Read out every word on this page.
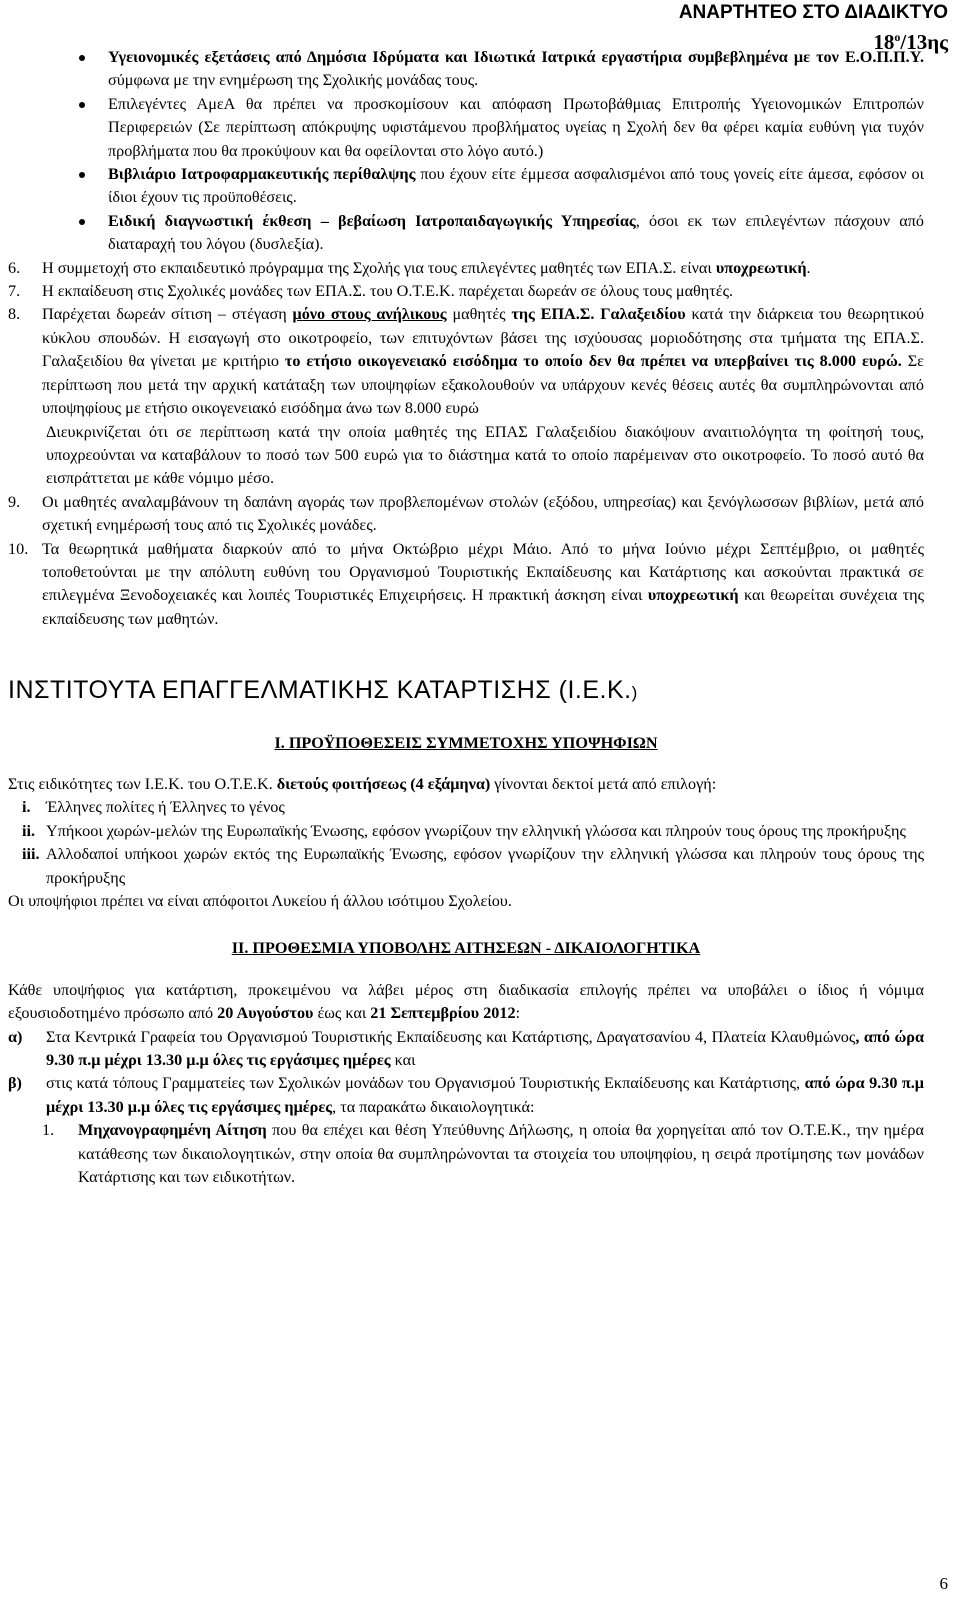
ΑΝΑΡΤΗΤΕΟ ΣΤΟ ΔΙΑΔΙΚΤΥΟ
$18^o/13\eta\varsigma$
Υγειονομικές εξετάσεις από Δημόσια Ιδρύματα και Ιδιωτικά Ιατρικά εργαστήρια συμβεβλημένα με τον Ε.Ο.Π.Π.Υ. σύμφωνα με την ενημέρωση της Σχολικής μονάδας τους.
Επιλεγέντες ΑμεΑ θα πρέπει να προσκομίσουν και απόφαση Πρωτοβάθμιας Επιτροπής Υγειονομικών Επιτροπών Περιφερειών (Σε περίπτωση απόκρυψης υφιστάμενου προβλήματος υγείας η Σχολή δεν θα φέρει καμία ευθύνη για τυχόν προβλήματα που θα προκύψουν και θα οφείλονται στο λόγο αυτό.)
Βιβλιάριο Ιατροφαρμακευτικής περίθαλψης που έχουν είτε έμμεσα ασφαλισμένοι από τους γονείς είτε άμεσα, εφόσον οι ίδιοι έχουν τις προϋποθέσεις.
Ειδική διαγνωστική έκθεση – βεβαίωση Ιατροπαιδαγωγικής Υπηρεσίας, όσοι εκ των επιλεγέντων πάσχουν από διαταραχή του λόγου (δυσλεξία).
6. Η συμμετοχή στο εκπαιδευτικό πρόγραμμα της Σχολής για τους επιλεγέντες μαθητές των ΕΠΑ.Σ. είναι υποχρεωτική.
7. Η εκπαίδευση στις Σχολικές μονάδες των ΕΠΑ.Σ. του Ο.Τ.Ε.Κ. παρέχεται δωρεάν σε όλους τους μαθητές.
8. Παρέχεται δωρεάν σίτιση – στέγαση μόνο στους ανήλικους μαθητές της ΕΠΑ.Σ. Γαλαξειδίου κατά την διάρκεια του θεωρητικού κύκλου σπουδών. Η εισαγωγή στο οικοτροφείο, των επιτυχόντων βάσει της ισχύουσας μοριοδότησης στα τμήματα της ΕΠΑ.Σ. Γαλαξειδίου θα γίνεται με κριτήριο το ετήσιο οικογενειακό εισόδημα το οποίο δεν θα πρέπει να υπερβαίνει τις 8.000 ευρώ. Σε περίπτωση που μετά την αρχική κατάταξη των υποψηφίων εξακολουθούν να υπάρχουν κενές θέσεις αυτές θα συμπληρώνονται από υποψηφίους με ετήσιο οικογενειακό εισόδημα άνω των 8.000 ευρώ
Διευκρινίζεται ότι σε περίπτωση κατά την οποία μαθητές της ΕΠΑΣ Γαλαξειδίου διακόψουν αναιτιολόγητα τη φοίτησή τους, υποχρεούνται να καταβάλουν το ποσό των 500 ευρώ για το διάστημα κατά το οποίο παρέμειναν στο οικοτροφείο. Το ποσό αυτό θα εισπράττεται με κάθε νόμιμο μέσο.
9. Οι μαθητές αναλαμβάνουν τη δαπάνη αγοράς των προβλεπομένων στολών (εξόδου, υπηρεσίας) και ξενόγλωσσων βιβλίων, μετά από σχετική ενημέρωσή τους από τις Σχολικές μονάδες.
10. Τα θεωρητικά μαθήματα διαρκούν από το μήνα Οκτώβριο μέχρι Μάιο. Από το μήνα Ιούνιο μέχρι Σεπτέμβριο, οι μαθητές τοποθετούνται με την απόλυτη ευθύνη του Οργανισμού Τουριστικής Εκπαίδευσης και Κατάρτισης και ασκούνται πρακτικά σε επιλεγμένα Ξενοδοχειακές και λοιπές Τουριστικές Επιχειρήσεις. Η πρακτική άσκηση είναι υποχρεωτική και θεωρείται συνέχεια της εκπαίδευσης των μαθητών.
ΙΝΣΤΙΤΟΥΤΑ ΕΠΑΓΓΕΛΜΑΤΙΚΗΣ ΚΑΤΑΡΤΙΣΗΣ (Ι.Ε.Κ.)
Ι. ΠΡΟΫΠΟΘΕΣΕΙΣ ΣΥΜΜΕΤΟΧΗΣ ΥΠΟΨΗΦΙΩΝ
Στις ειδικότητες των Ι.Ε.Κ. του Ο.Τ.Ε.Κ. διετούς φοιτήσεως (4 εξάμηνα) γίνονται δεκτοί μετά από επιλογή:
i. Έλληνες πολίτες ή Έλληνες το γένος
ii. Υπήκοοι χωρών-μελών της Ευρωπαϊκής Ένωσης, εφόσον γνωρίζουν την ελληνική γλώσσα και πληρούν τους όρους της προκήρυξης
iii. Αλλοδαποί υπήκοοι χωρών εκτός της Ευρωπαϊκής Ένωσης, εφόσον γνωρίζουν την ελληνική γλώσσα και πληρούν τους όρους της προκήρυξης
Οι υποψήφιοι πρέπει να είναι απόφοιτοι Λυκείου ή άλλου ισότιμου Σχολείου.
ΙΙ. ΠΡΟΘΕΣΜΙΑ ΥΠΟΒΟΛΗΣ ΑΙΤΗΣΕΩΝ - ΔΙΚΑΙΟΛΟΓΗΤΙΚΑ
Κάθε υποψήφιος για κατάρτιση, προκειμένου να λάβει μέρος στη διαδικασία επιλογής πρέπει να υποβάλει ο ίδιος ή νόμιμα εξουσιοδοτημένο πρόσωπο από 20 Αυγούστου έως και 21 Σεπτεμβρίου 2012:
α) Στα Κεντρικά Γραφεία του Οργανισμού Τουριστικής Εκπαίδευσης και Κατάρτισης, Δραγατσανίου 4, Πλατεία Κλαυθμώνος, από ώρα 9.30 π.μ μέχρι 13.30 μ.μ όλες τις εργάσιμες ημέρες και
β) στις κατά τόπους Γραμματείες των Σχολικών μονάδων του Οργανισμού Τουριστικής Εκπαίδευσης και Κατάρτισης, από ώρα 9.30 π.μ μέχρι 13.30 μ.μ όλες τις εργάσιμες ημέρες, τα παρακάτω δικαιολογητικά:
1. Μηχανογραφημένη Αίτηση που θα επέχει και θέση Υπεύθυνης Δήλωσης, η οποία θα χορηγείται από τον Ο.Τ.Ε.Κ., την ημέρα κατάθεσης των δικαιολογητικών, στην οποία θα συμπληρώνονται τα στοιχεία του υποψηφίου, η σειρά προτίμησης των μονάδων Κατάρτισης και των ειδικοτήτων.
6
